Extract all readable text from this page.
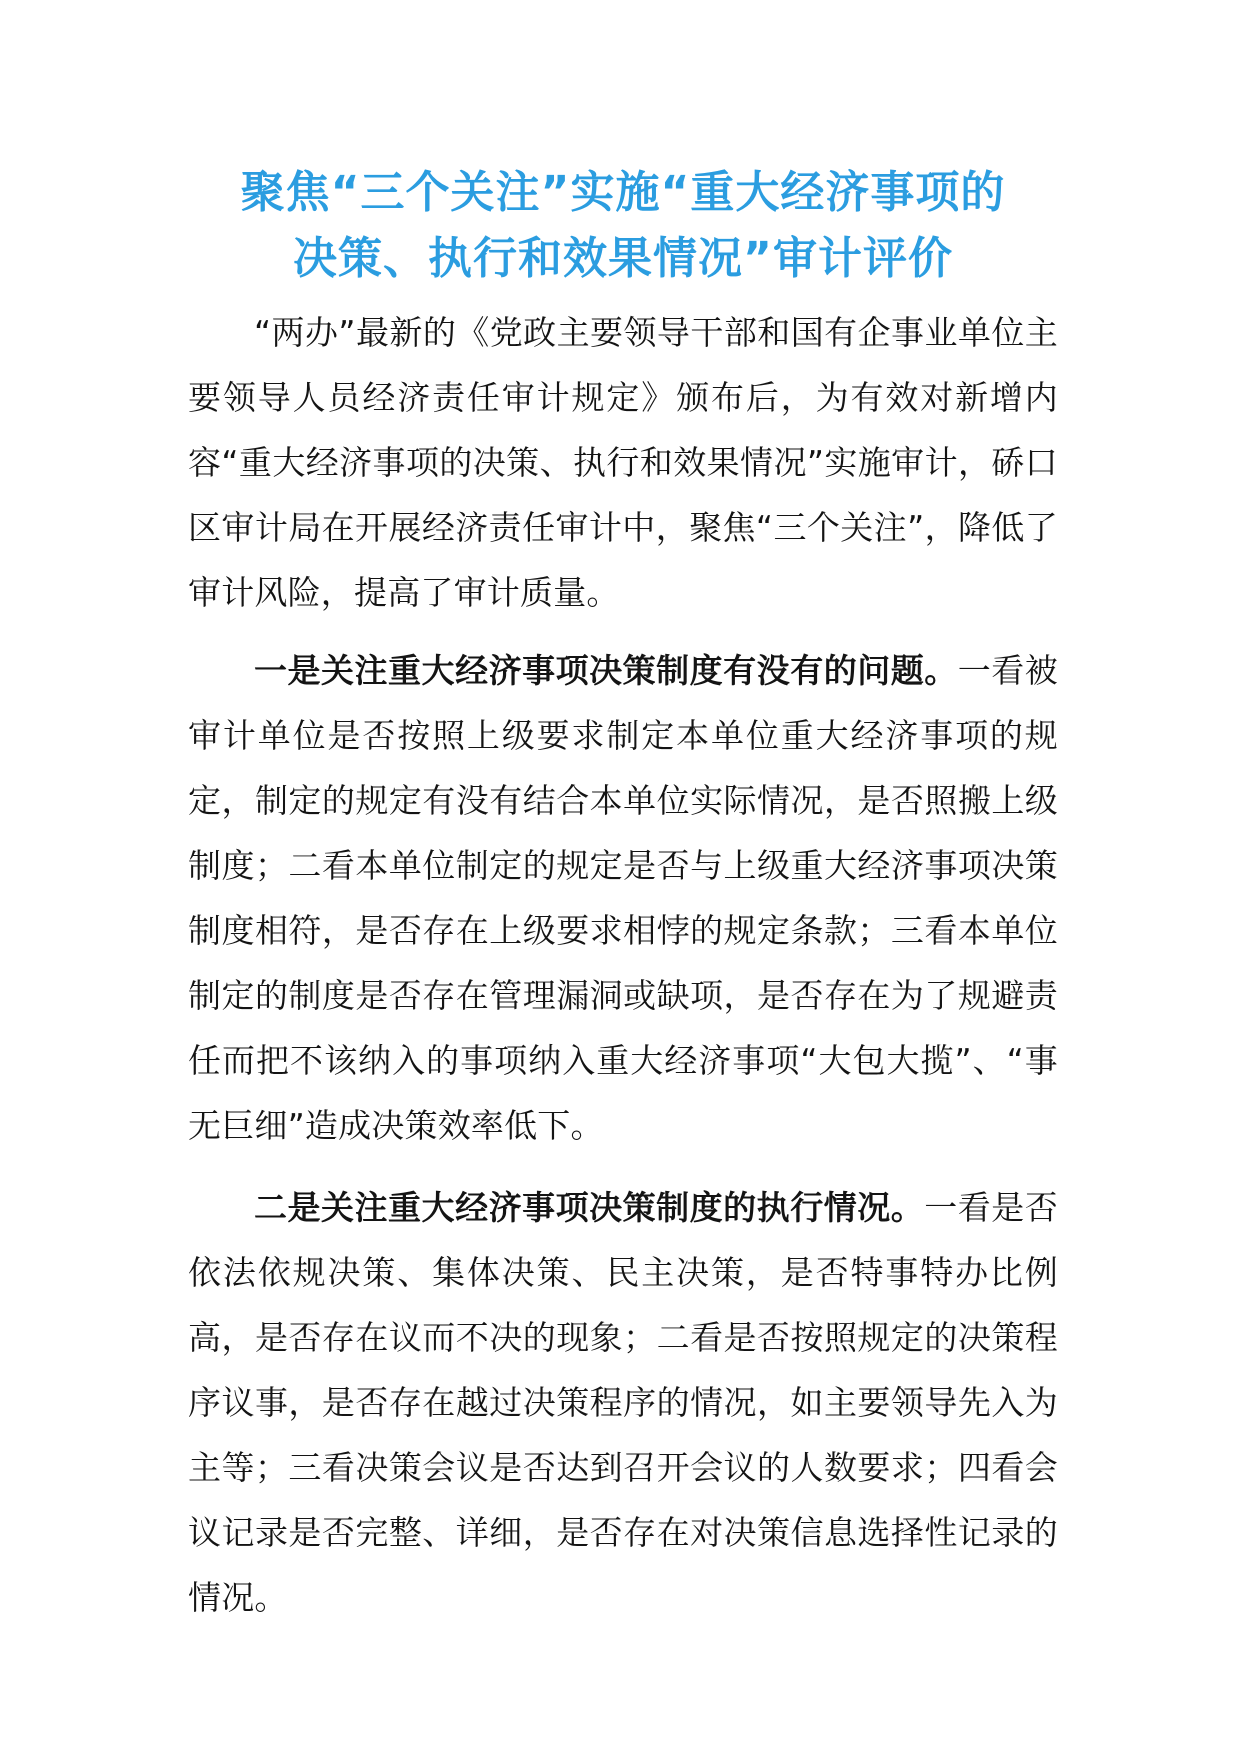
聚焦“三个关注”实施“重大经济事项的
决策、执行和效果情况”审计评价

“两办”最新的《党政主要领导干部和国有企事业单位主要领导人员经济责任审计规定》颁布后，为有效对新增内容“重大经济事项的决策、执行和效果情况”实施审计，硚口区审计局在开展经济责任审计中，聚焦“三个关注”，降低了审计风险，提高了审计质量。

一是关注重大经济事项决策制度有没有的问题。一看被审计单位是否按照上级要求制定本单位重大经济事项的规定，制定的规定有没有结合本单位实际情况，是否照搬上级制度；二看本单位制定的规定是否与上级重大经济事项决策制度相符，是否存在上级要求相悖的规定条款；三看本单位制定的制度是否存在管理漏洞或缺项，是否存在为了规避责任而把不该纳入的事项纳入重大经济事项“大包大揽”、“事无巨细”造成决策效率低下。

二是关注重大经济事项决策制度的执行情况。一看是否依法依规决策、集体决策、民主决策，是否特事特办比例高，是否存在议而不决的现象；二看是否按照规定的决策程序议事，是否存在越过决策程序的情况，如主要领导先入为主等；三看决策会议是否达到召开会议的人数要求；四看会议记录是否完整、详细，是否存在对决策信息选择性记录的情况。
